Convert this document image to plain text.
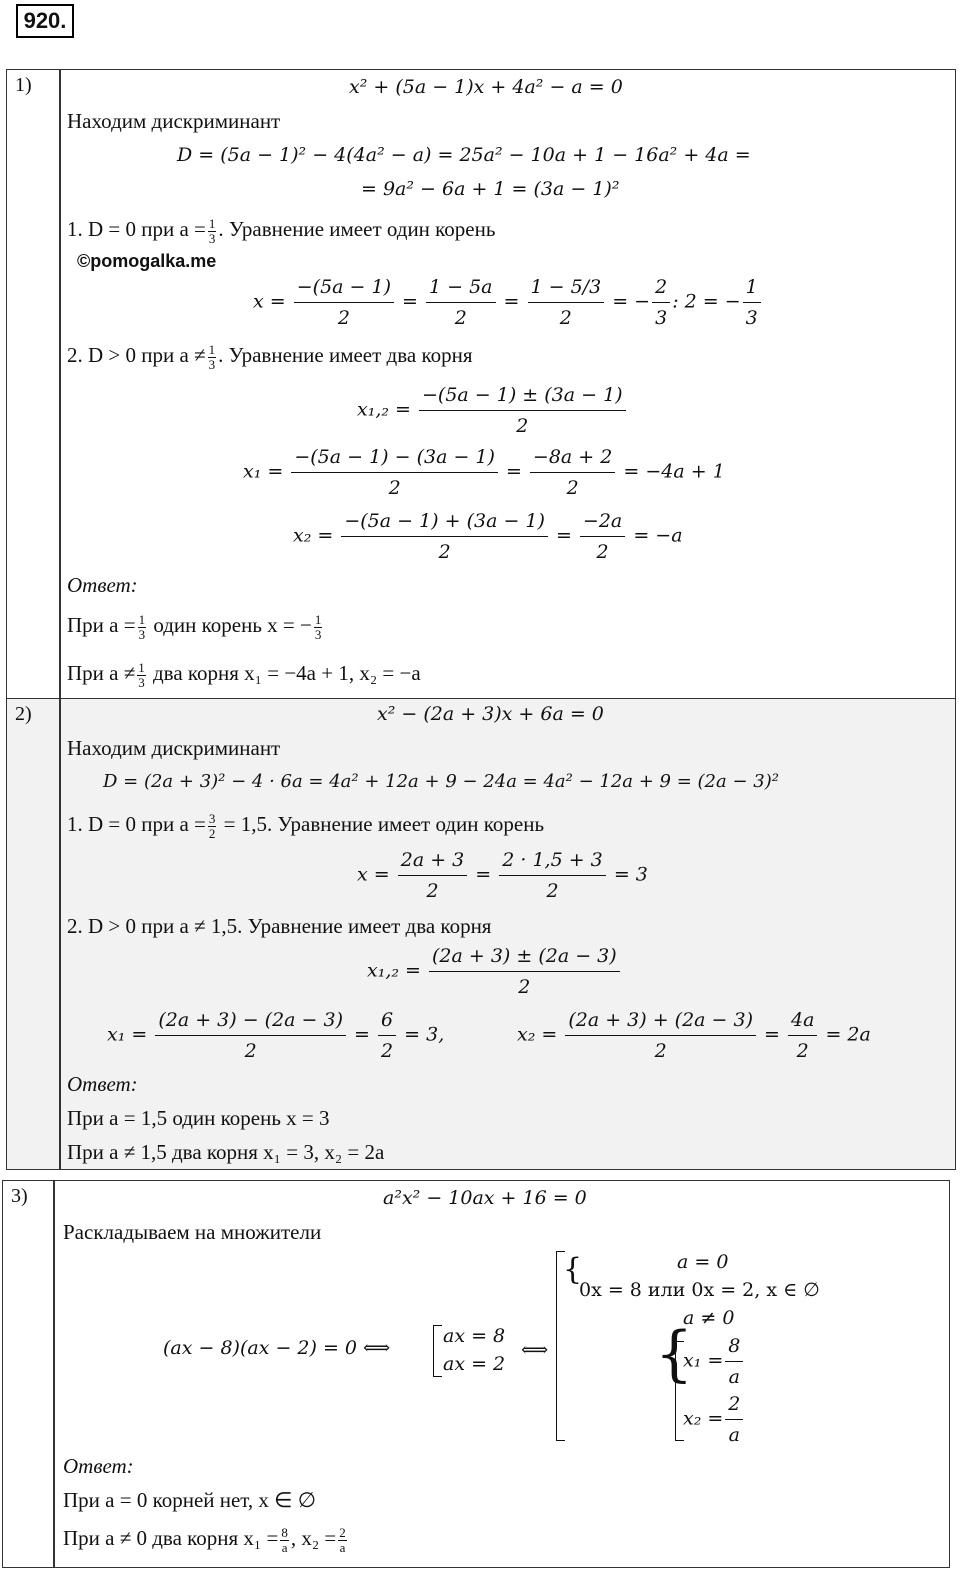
920.
1)	x² + (5a − 1)x + 4a² − a = 0
Находим дискриминант
D = (5a − 1)² − 4(4a² − a) = 25a² − 10a + 1 − 16a² + 4a =
= 9a² − 6a + 1 = (3a − 1)²
1. D = 0 при $a = \frac{1}{3}$ . Уравнение имеет один корень
©pomogalka.me
$x = \frac{-(5a - 1)}{2} = \frac{1 - 5a}{2} = \frac{1 - 5/3}{2}$ = − $\frac{2}{3}$ : 2 = − $\frac{1}{3}$
2. D > 0 при $a \ne \frac{1}{3}$ . Уравнение имеет два корня
$x_1,_2 = \frac{-(5a - 1) \pm (3a - 1)}{2}$
$x_1 = \frac{-(5a - 1) - (3a - 1)}{2} = \frac{-8a + 2}{2} = -4a + 1$
$x_2 = \frac{-(5a - 1) + (3a - 1)}{2} = \frac{-2a}{2} = -a$
Ответ:
При $a = \frac{1}{3}$ один корень x = − $\frac{1}{3}$
При $a \ne \frac{1}{3}$ два корня x₁ = −4a + 1, x₂ = −a
2)	x² − (2a + 3)x + 6a = 0
Находим дискриминант
D = (2a + 3)² − 4 · 6a = 4a² + 12a + 9 − 24a = 4a² − 12a + 9 = (2a − 3)²
1. D = 0 при $a = \frac{3}{2} = 1,5$. Уравнение имеет один корень
$x = \frac{2a + 3}{2} = \frac{2 \cdot 1,5 + 3}{2} = 3$
2. D > 0 при a ≠ 1,5. Уравнение имеет два корня
$x_1,_2 = \frac{(2a + 3) \pm (2a - 3)}{2}$
$x_1 = \frac{(2a + 3) - (2a - 3)}{2} = \frac{6}{2} = 3$,	$x_2 = \frac{(2a + 3) + (2a - 3)}{2} = \frac{4a}{2} = 2a$
Ответ:
При a = 1,5 один корень x = 3
При a ≠ 1,5 два корня x₁ = 3, x₂ = 2a
3)	a²x² − 10ax + 16 = 0
Раскладываем на множители
(ax − 8)(ax − 2) = 0 ⟺
ax = 8
ax = 2
⟺
{	a = 0
0x = 8 или 0x = 2, x ∈ ∅
{
a ≠ 0
$x_1 = \frac{8}{a}$
$x_2 = \frac{2}{a}$
Ответ:
При a = 0 корней нет, x ∈ ∅
При a ≠ 0 два корня $x_1 = \frac{8}{a}$ , $x_2 = \frac{2}{a}$
